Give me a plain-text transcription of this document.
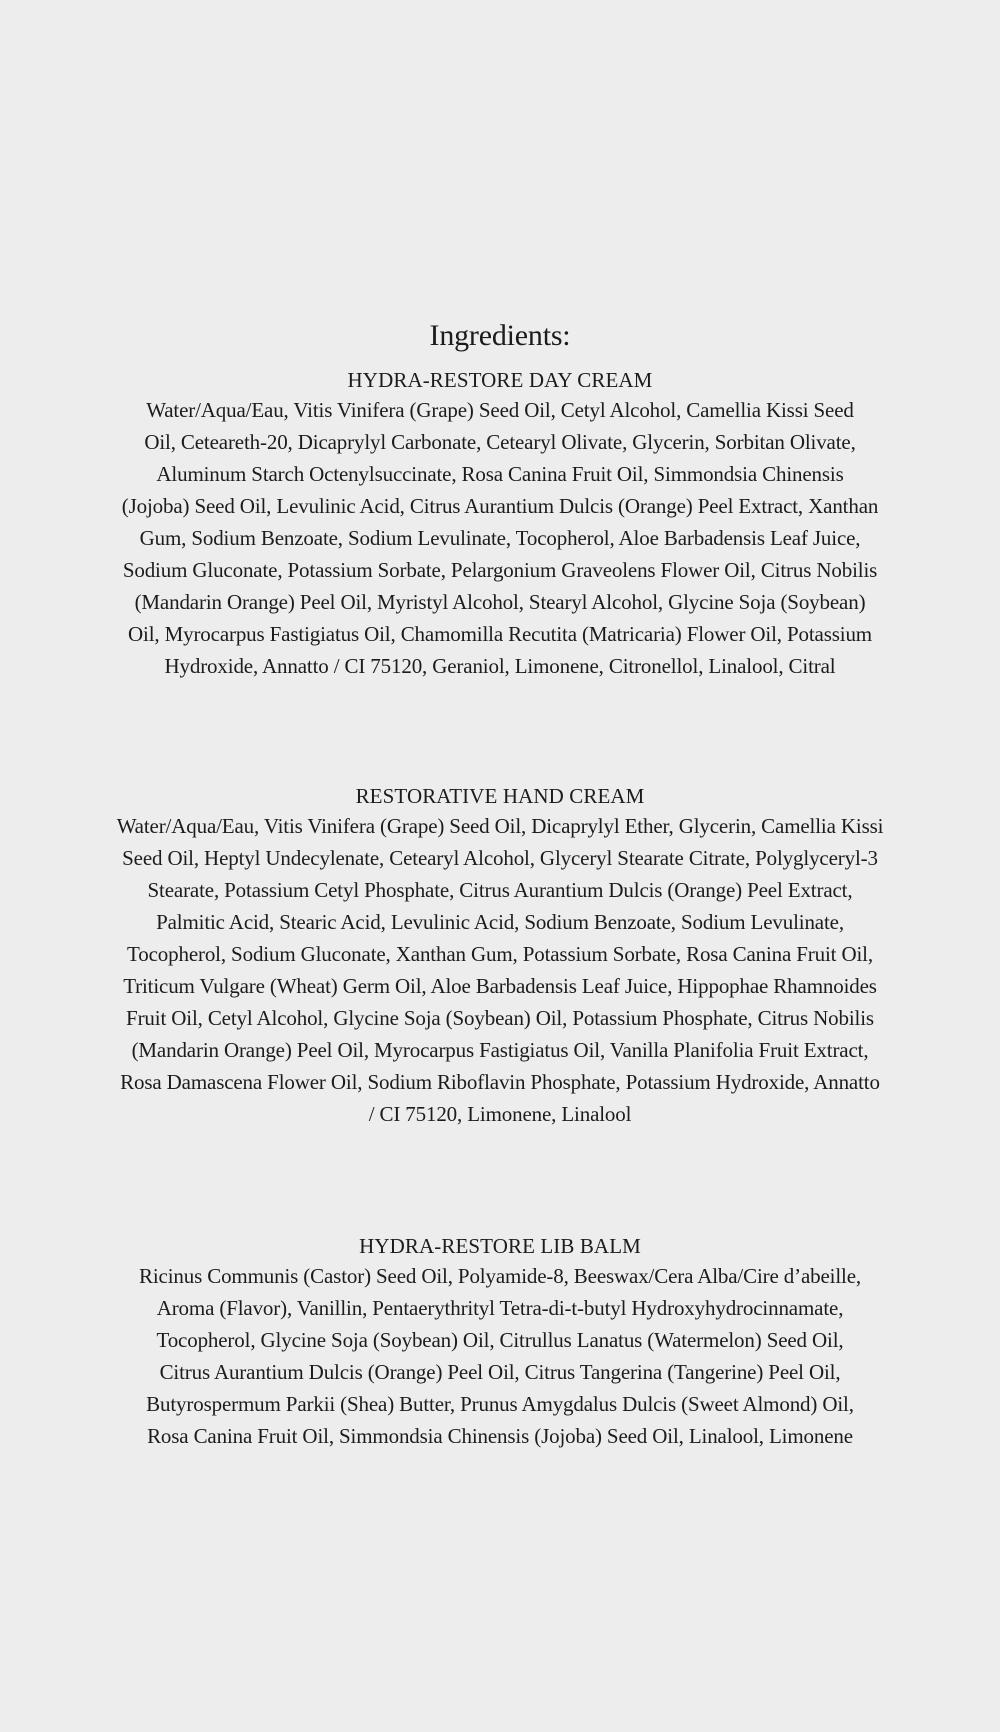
Ingredients:

HYDRA-RESTORE DAY CREAM

Water/Aqua/Eau, Vitis Vinifera (Grape) Seed Oil, Cetyl Alcohol, Camellia Kissi Seed

Oil, Ceteareth-20, Dicaprylyl Carbonate, Cetearyl Olivate, Glycerin, Sorbitan Olivate,

Aluminum Starch Octenylsuccinate, Rosa Canina Fruit Oil, Simmondsia Chinensis

(Jojoba) Seed Oil, Levulinic Acid, Citrus Aurantium Dulcis (Orange) Peel Extract, Xanthan

Gum, Sodium Benzoate, Sodium Levulinate, Tocopherol, Aloe Barbadensis Leaf Juice,

Sodium Gluconate, Potassium Sorbate, Pelargonium Graveolens Flower Oil, Citrus Nobilis

(Mandarin Orange) Peel Oil, Myristyl Alcohol, Stearyl Alcohol, Glycine Soja (Soybean)

Oil, Myrocarpus Fastigiatus Oil, Chamomilla Recutita (Matricaria) Flower Oil, Potassium

Hydroxide, Annatto / CI 75120, Geraniol, Limonene, Citronellol, Linalool, Citral

RESTORATIVE HAND CREAM

Water/Aqua/Eau, Vitis Vinifera (Grape) Seed Oil, Dicaprylyl Ether, Glycerin, Camellia Kissi

Seed Oil, Heptyl Undecylenate, Cetearyl Alcohol, Glyceryl Stearate Citrate, Polyglyceryl-3

Stearate, Potassium Cetyl Phosphate, Citrus Aurantium Dulcis (Orange) Peel Extract,

Palmitic Acid, Stearic Acid, Levulinic Acid, Sodium Benzoate, Sodium Levulinate,

Tocopherol, Sodium Gluconate, Xanthan Gum, Potassium Sorbate, Rosa Canina Fruit Oil,

Triticum Vulgare (Wheat) Germ Oil, Aloe Barbadensis Leaf Juice, Hippophae Rhamnoides

Fruit Oil, Cetyl Alcohol, Glycine Soja (Soybean) Oil, Potassium Phosphate, Citrus Nobilis

(Mandarin Orange) Peel Oil, Myrocarpus Fastigiatus Oil, Vanilla Planifolia Fruit Extract,

Rosa Damascena Flower Oil, Sodium Riboflavin Phosphate, Potassium Hydroxide, Annatto

/ CI 75120, Limonene, Linalool

HYDRA-RESTORE LIB BALM

Ricinus Communis (Castor) Seed Oil, Polyamide-8, Beeswax/Cera Alba/Cire d’abeille,

Aroma (Flavor), Vanillin, Pentaerythrityl Tetra-di-t-butyl Hydroxyhydrocinnamate,

Tocopherol, Glycine Soja (Soybean) Oil, Citrullus Lanatus (Watermelon) Seed Oil,

Citrus Aurantium Dulcis (Orange) Peel Oil, Citrus Tangerina (Tangerine) Peel Oil,

Butyrospermum Parkii (Shea) Butter, Prunus Amygdalus Dulcis (Sweet Almond) Oil,

Rosa Canina Fruit Oil, Simmondsia Chinensis (Jojoba) Seed Oil, Linalool, Limonene
